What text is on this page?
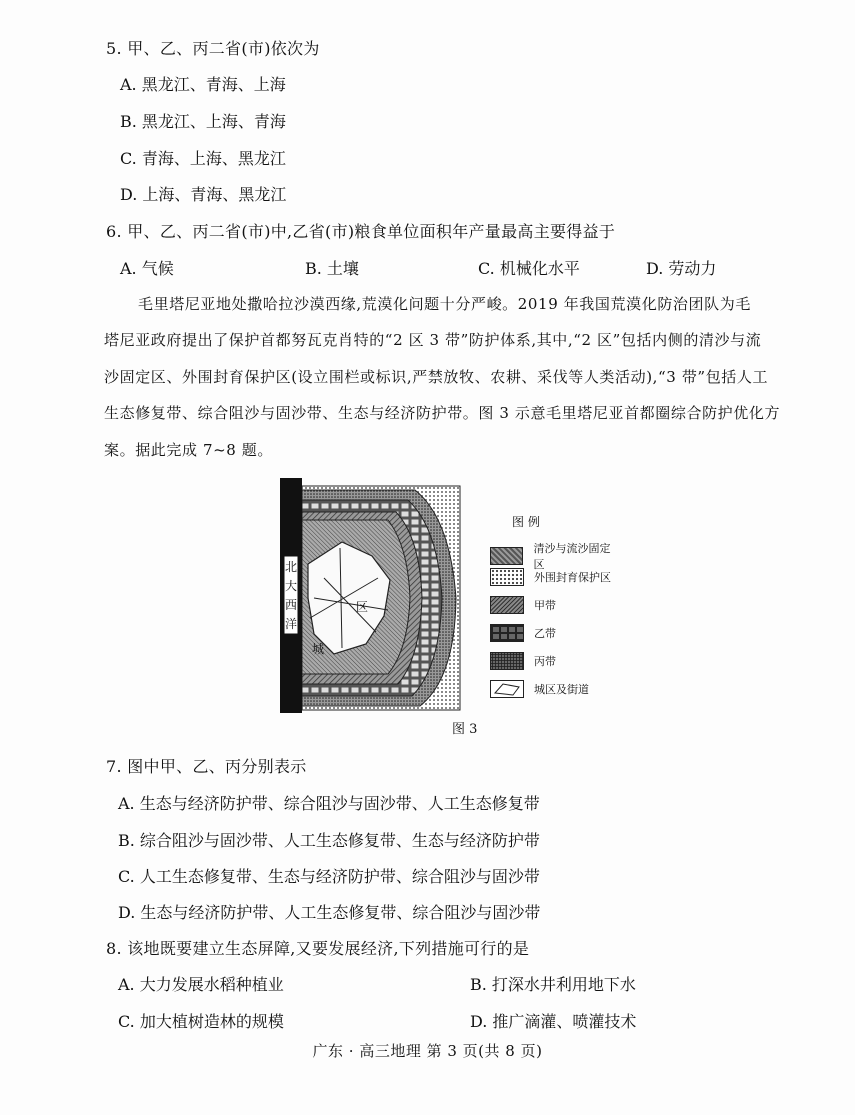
5. 甲、乙、丙二省(市)依次为
A. 黑龙江、青海、上海
B. 黑龙江、上海、青海
C. 青海、上海、黑龙江
D. 上海、青海、黑龙江
6. 甲、乙、丙二省(市)中,乙省(市)粮食单位面积年产量最高主要得益于
A. 气候	B. 土壤	C. 机械化水平	D. 劳动力
毛里塔尼亚地处撒哈拉沙漠西缘,荒漠化问题十分严峻。2019 年我国荒漠化防治团队为毛
塔尼亚政府提出了保护首都努瓦克肖特的“2 区 3 带”防护体系,其中,“2 区”包括内侧的清沙与流
沙固定区、外围封育保护区(设立围栏或标识,严禁放牧、农耕、采伐等人类活动),“3 带”包括人工
生态修复带、综合阻沙与固沙带、生态与经济防护带。图 3 示意毛里塔尼亚首都圈综合防护优化方
案。据此完成 7~8 题。
北大西洋
区
城
图 例
清沙与流沙固定区
外围封育保护区
甲带
乙带
丙带
城区及街道
图 3
7. 图中甲、乙、丙分别表示
A. 生态与经济防护带、综合阻沙与固沙带、人工生态修复带
B. 综合阻沙与固沙带、人工生态修复带、生态与经济防护带
C. 人工生态修复带、生态与经济防护带、综合阻沙与固沙带
D. 生态与经济防护带、人工生态修复带、综合阻沙与固沙带
8. 该地既要建立生态屏障,又要发展经济,下列措施可行的是
A. 大力发展水稻种植业	B. 打深水井利用地下水
C. 加大植树造林的规模	D. 推广滴灌、喷灌技术
广东 · 高三地理 第 3 页(共 8 页)
